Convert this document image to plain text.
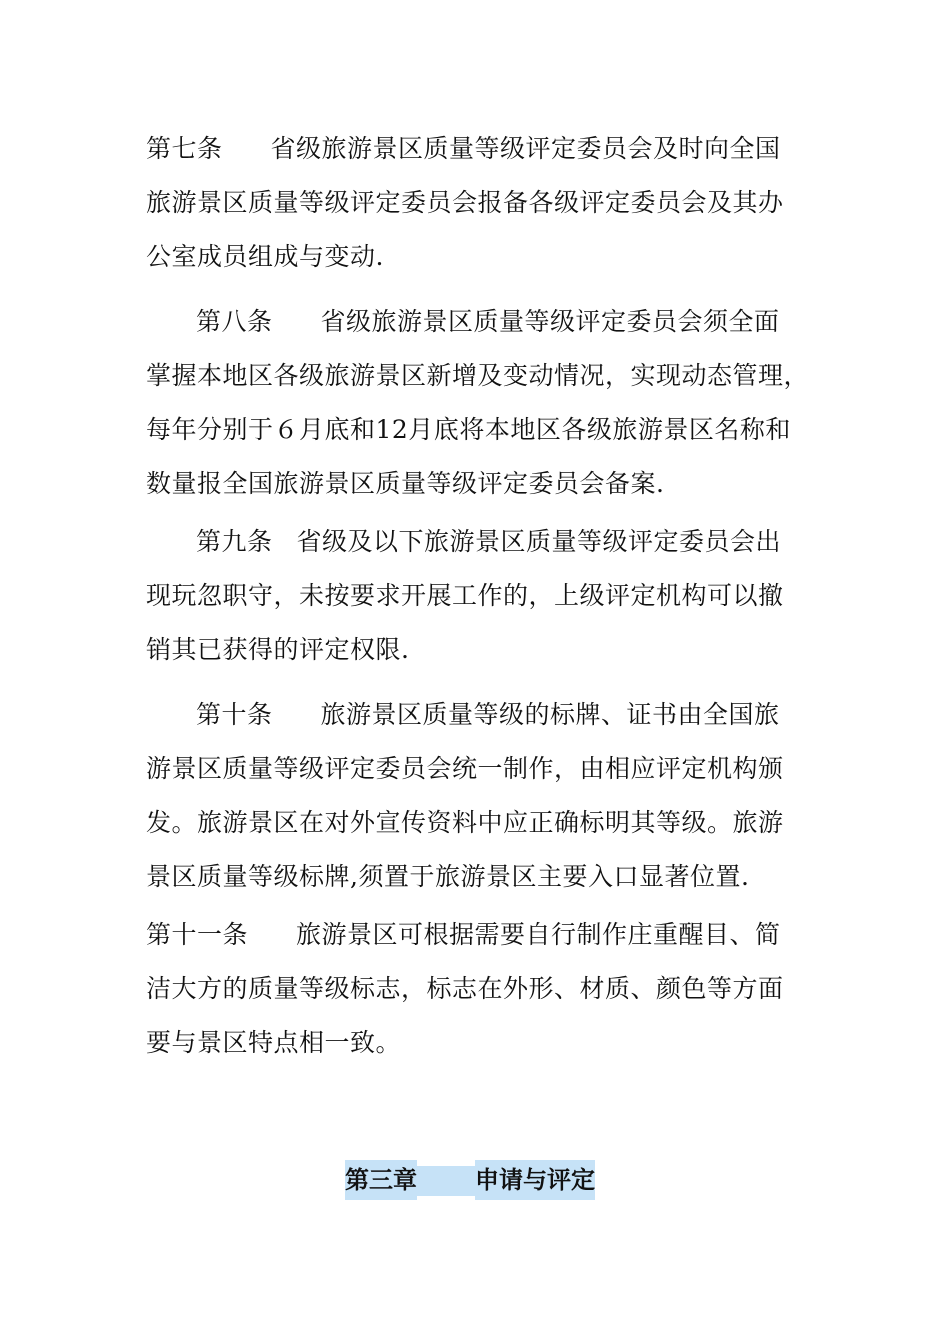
第七条 省级旅游景区质量等级评定委员会及时向全国
旅游景区质量等级评定委员会报备各级评定委员会及其办
公室成员组成与变动.
第八条 省级旅游景区质量等级评定委员会须全面
掌握本地区各级旅游景区新增及变动情况，实现动态管理，
每年分别于６月底和12月底将本地区各级旅游景区名称和
数量报全国旅游景区质量等级评定委员会备案.
第九条 省级及以下旅游景区质量等级评定委员会出
现玩忽职守，未按要求开展工作的，上级评定机构可以撤
销其已获得的评定权限.
第十条 旅游景区质量等级的标牌、证书由全国旅
游景区质量等级评定委员会统一制作，由相应评定机构颁
发。旅游景区在对外宣传资料中应正确标明其等级。旅游
景区质量等级标牌,须置于旅游景区主要入口显著位置.
第十一条 旅游景区可根据需要自行制作庄重醒目、简
洁大方的质量等级标志，标志在外形、材质、颜色等方面
要与景区特点相一致。
第三章 申请与评定
